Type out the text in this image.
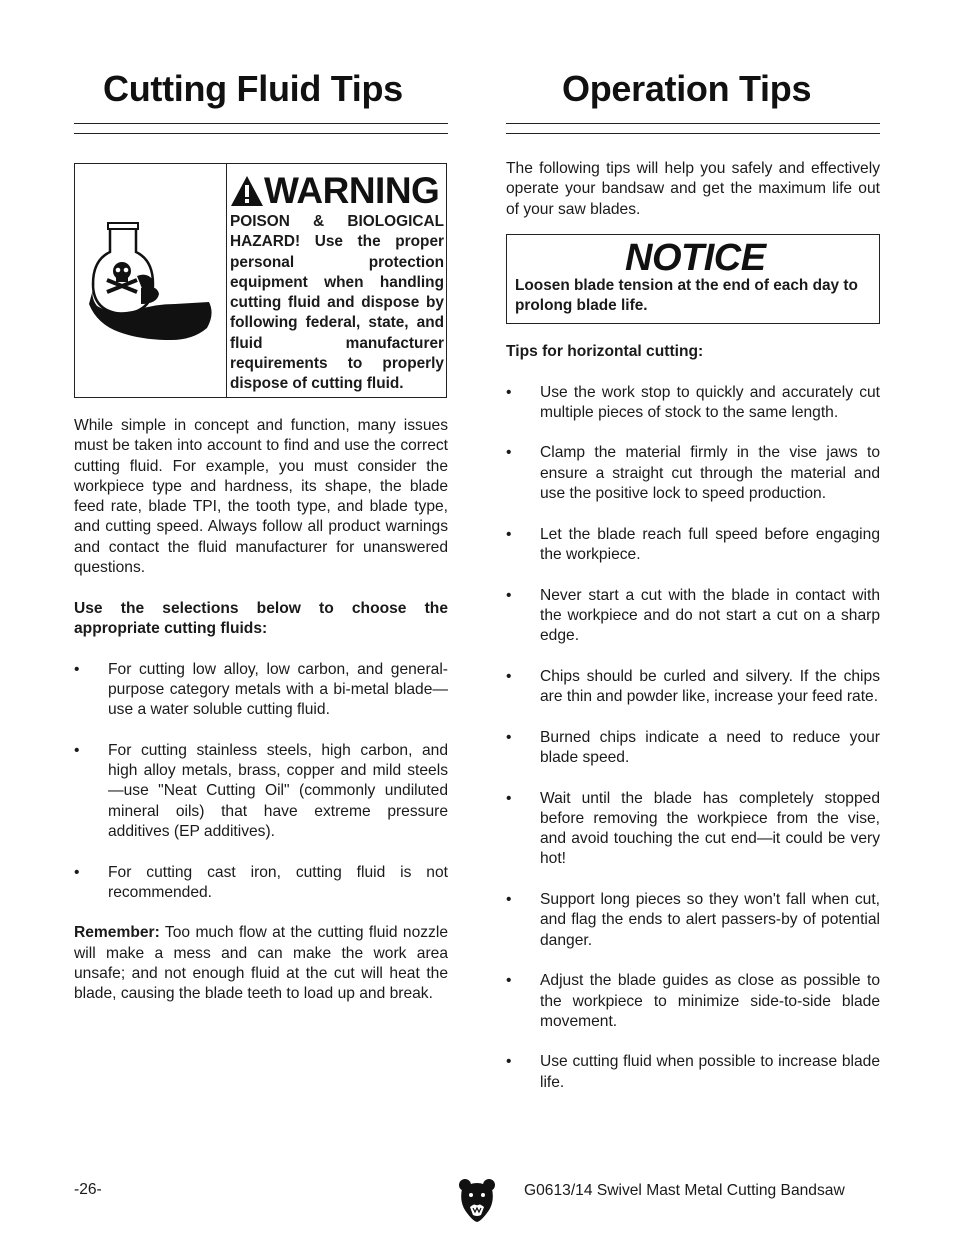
Cutting Fluid Tips	Operation Tips
WARNING
POISON & BIOLOGICAL HAZARD! Use the proper personal protection equipment when handling cutting fluid and dispose by following federal, state, and fluid manufacturer requirements to properly dispose of cutting fluid.

While simple in concept and function, many issues must be taken into account to find and use the correct cutting fluid. For example, you must consider the workpiece type and hardness, its shape, the blade feed rate, blade TPI, the tooth type, and blade type, and cutting speed. Always follow all product warnings and contact the fluid manufacturer for unanswered questions.

Use the selections below to choose the appropriate cutting fluids:

• For cutting low alloy, low carbon, and general-purpose category metals with a bi-metal blade—use a water soluble cutting fluid.
• For cutting stainless steels, high carbon, and high alloy metals, brass, copper and mild steels—use "Neat Cutting Oil" (commonly undiluted mineral oils) that have extreme pressure additives (EP additives).
• For cutting cast iron, cutting fluid is not recommended.

Remember: Too much flow at the cutting fluid nozzle will make a mess and can make the work area unsafe; and not enough fluid at the cut will heat the blade, causing the blade teeth to load up and break.

The following tips will help you safely and effectively operate your bandsaw and get the maximum life out of your saw blades.

NOTICE
Loosen blade tension at the end of each day to prolong blade life.

Tips for horizontal cutting:

• Use the work stop to quickly and accurately cut multiple pieces of stock to the same length.
• Clamp the material firmly in the vise jaws to ensure a straight cut through the material and use the positive lock to speed production.
• Let the blade reach full speed before engaging the workpiece.
• Never start a cut with the blade in contact with the workpiece and do not start a cut on a sharp edge.
• Chips should be curled and silvery. If the chips are thin and powder like, increase your feed rate.
• Burned chips indicate a need to reduce your blade speed.
• Wait until the blade has completely stopped before removing the workpiece from the vise, and avoid touching the cut end—it could be very hot!
• Support long pieces so they won't fall when cut, and flag the ends to alert passers-by of potential danger.
• Adjust the blade guides as close as possible to the workpiece to minimize side-to-side blade movement.
• Use cutting fluid when possible to increase blade life.
-26-	G0613/14 Swivel Mast Metal Cutting Bandsaw
